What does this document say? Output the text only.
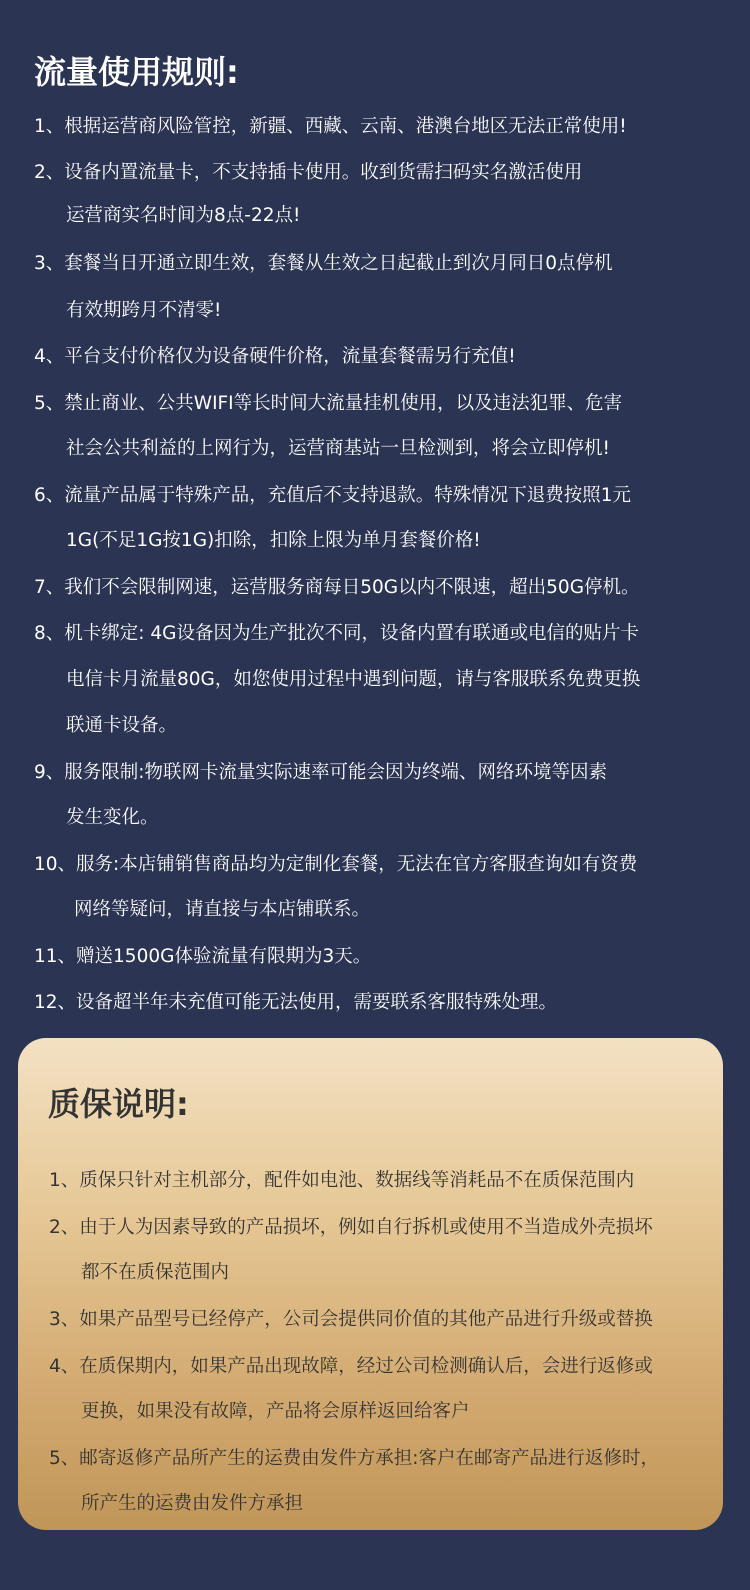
流量使用规则:

1、根据运营商风险管控，新疆、西藏、云南、港澳台地区无法正常使用!

2、设备内置流量卡，不支持插卡使用。收到货需扫码实名激活使用

运营商实名时间为8点-22点!

3、套餐当日开通立即生效，套餐从生效之日起截止到次月同日0点停机

有效期跨月不清零!

4、平台支付价格仅为设备硬件价格，流量套餐需另行充值!

5、禁止商业、公共WIFI等长时间大流量挂机使用，以及违法犯罪、危害

社会公共利益的上网行为，运营商基站一旦检测到，将会立即停机!

6、流量产品属于特殊产品，充值后不支持退款。特殊情况下退费按照1元

1G(不足1G按1G)扣除，扣除上限为单月套餐价格!

7、我们不会限制网速，运营服务商每日50G以内不限速，超出50G停机。

8、机卡绑定: 4G设备因为生产批次不同，设备内置有联通或电信的贴片卡

电信卡月流量80G，如您使用过程中遇到问题，请与客服联系免费更换

联通卡设备。

9、服务限制:物联网卡流量实际速率可能会因为终端、网络环境等因素

发生变化。

10、服务:本店铺销售商品均为定制化套餐，无法在官方客服查询如有资费

网络等疑问，请直接与本店铺联系。

11、赠送1500G体验流量有限期为3天。

12、设备超半年未充值可能无法使用，需要联系客服特殊处理。

质保说明:

1、质保只针对主机部分，配件如电池、数据线等消耗品不在质保范围内

2、由于人为因素导致的产品损坏，例如自行拆机或使用不当造成外壳损坏

都不在质保范围内

3、如果产品型号已经停产，公司会提供同价值的其他产品进行升级或替换

4、在质保期内，如果产品出现故障，经过公司检测确认后，会进行返修或

更换，如果没有故障，产品将会原样返回给客户

5、邮寄返修产品所产生的运费由发件方承担:客户在邮寄产品进行返修时，

所产生的运费由发件方承担
